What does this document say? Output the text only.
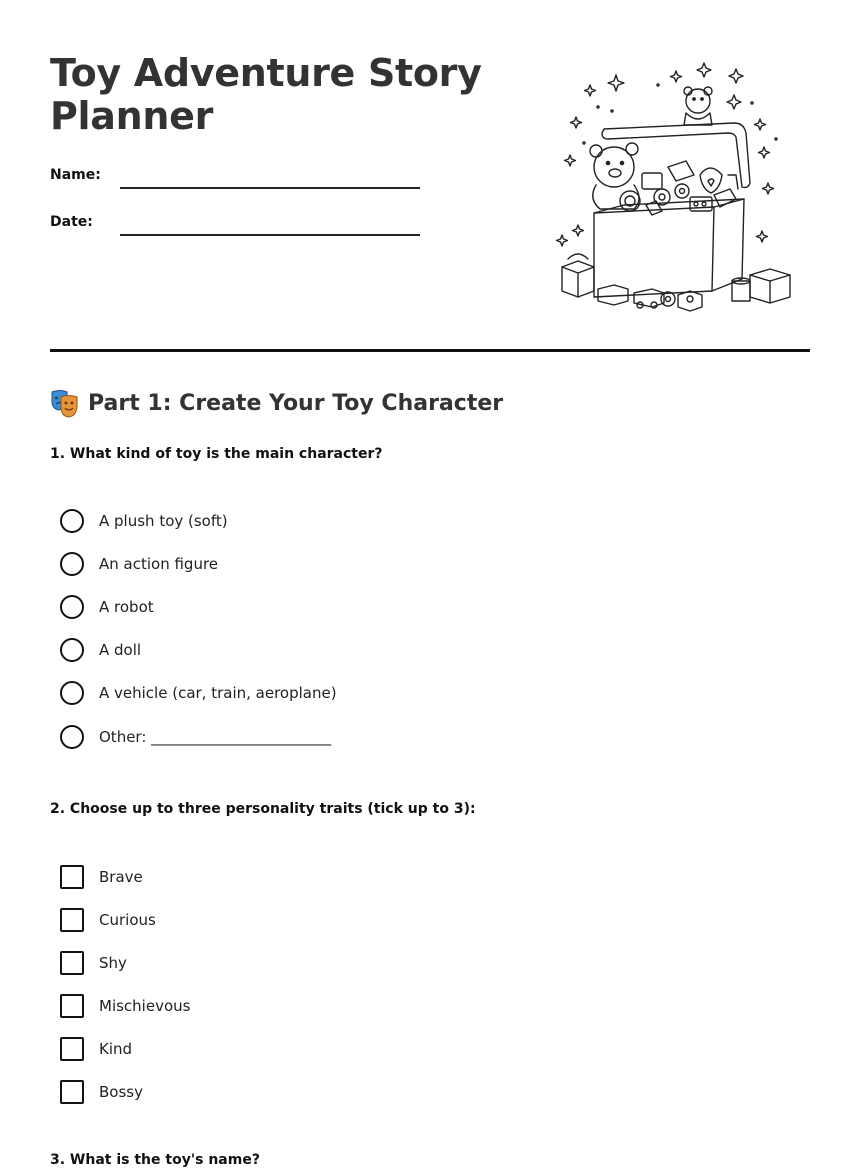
Toy Adventure Story Planner
Name:
Date:
Part 1: Create Your Toy Character

1. What kind of toy is the main character?

A plush toy (soft)
An action figure
A robot
A doll
A vehicle (car, train, aeroplane)
Other: ________________________

2. Choose up to three personality traits (tick up to 3):

Brave
Curious
Shy
Mischievous
Kind
Bossy

3. What is the toy's name?
